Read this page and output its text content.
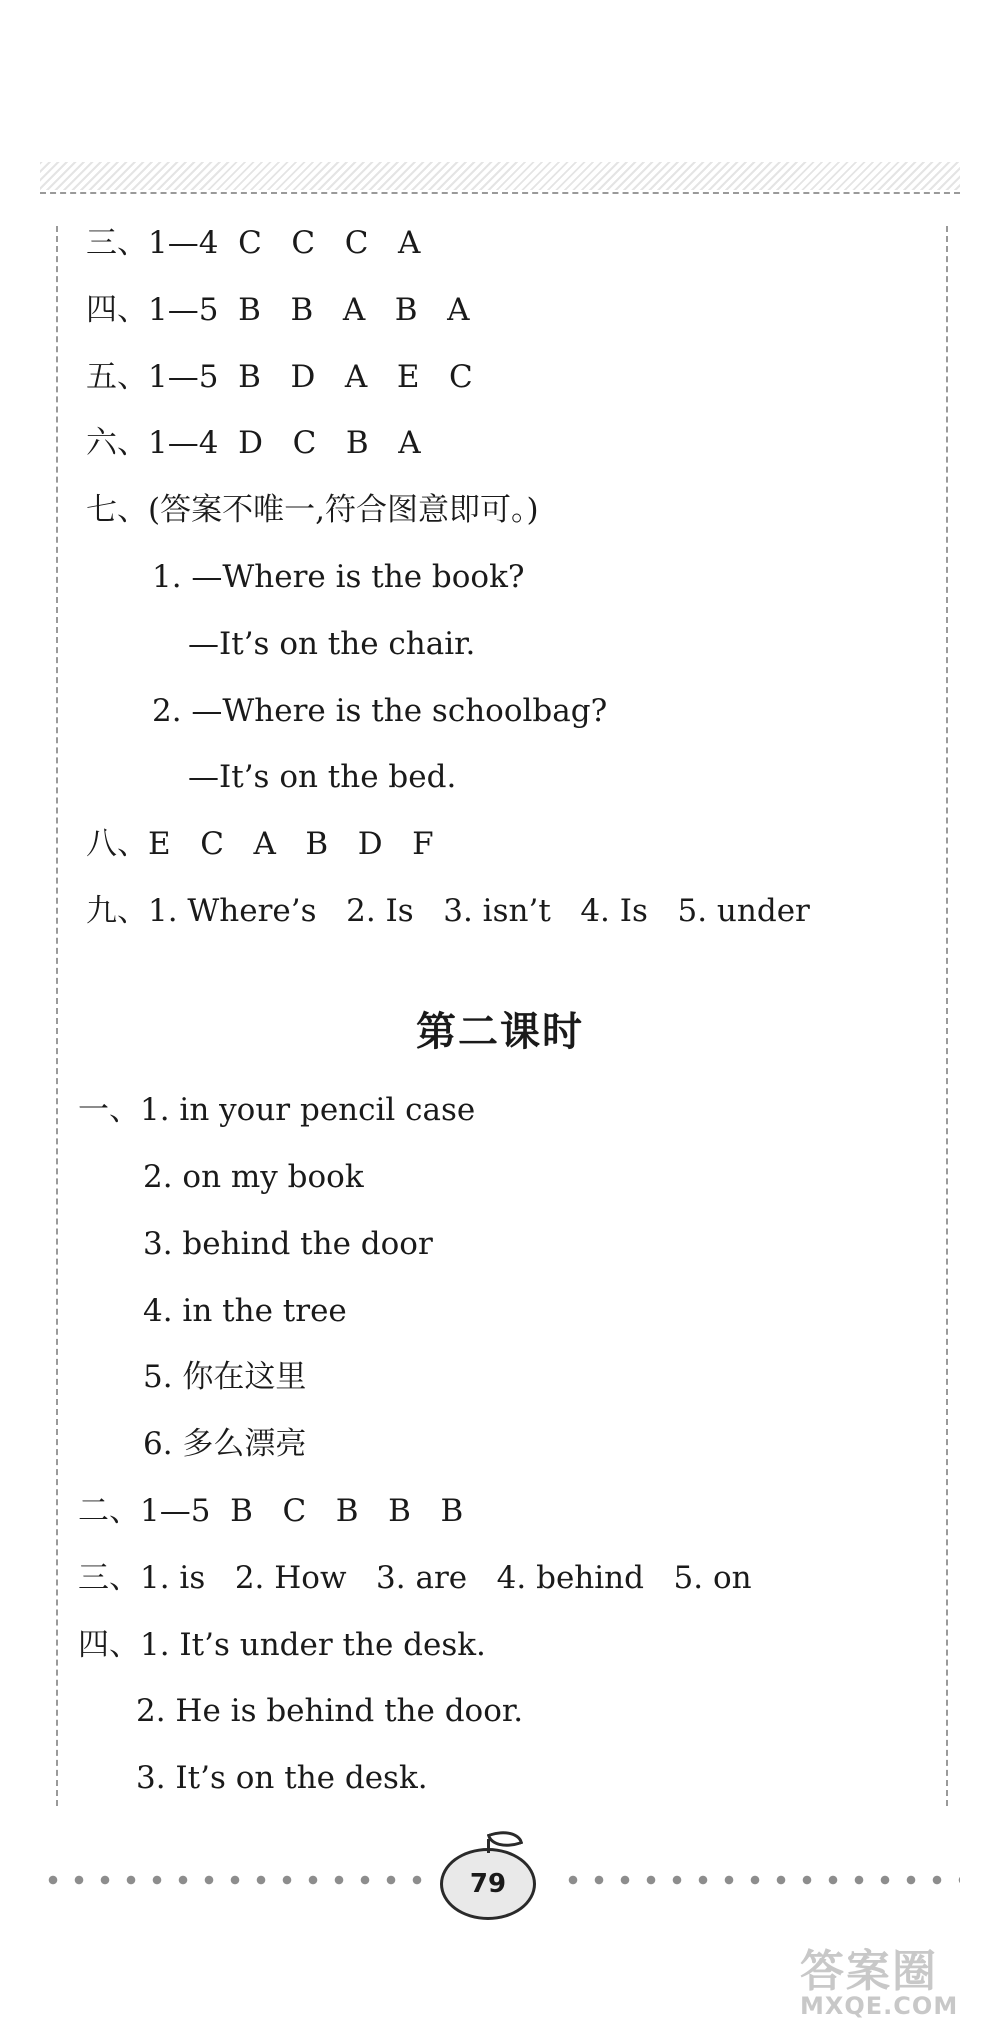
三、1—4  C   C   C   A
四、1—5  B   B   A   B   A
五、1—5  B   D   A   E   C
六、1—4  D   C   B   A
七、(答案不唯一,符合图意即可。)
1. —Where is the book?
—It’s on the chair.
2. —Where is the schoolbag?
—It’s on the bed.
八、E   C   A   B   D   F
九、1. Where’s   2. Is   3. isn’t   4. Is   5. under
第二课时
一、1. in your pencil case
2. on my book
3. behind the door
4. in the tree
5. 你在这里
6. 多么漂亮
二、1—5  B   C   B   B   B
三、1. is   2. How   3. are   4. behind   5. on
四、1. It’s under the desk.
2. He is behind the door.
3. It’s on the desk.
79
答案圈
MXQE.COM
